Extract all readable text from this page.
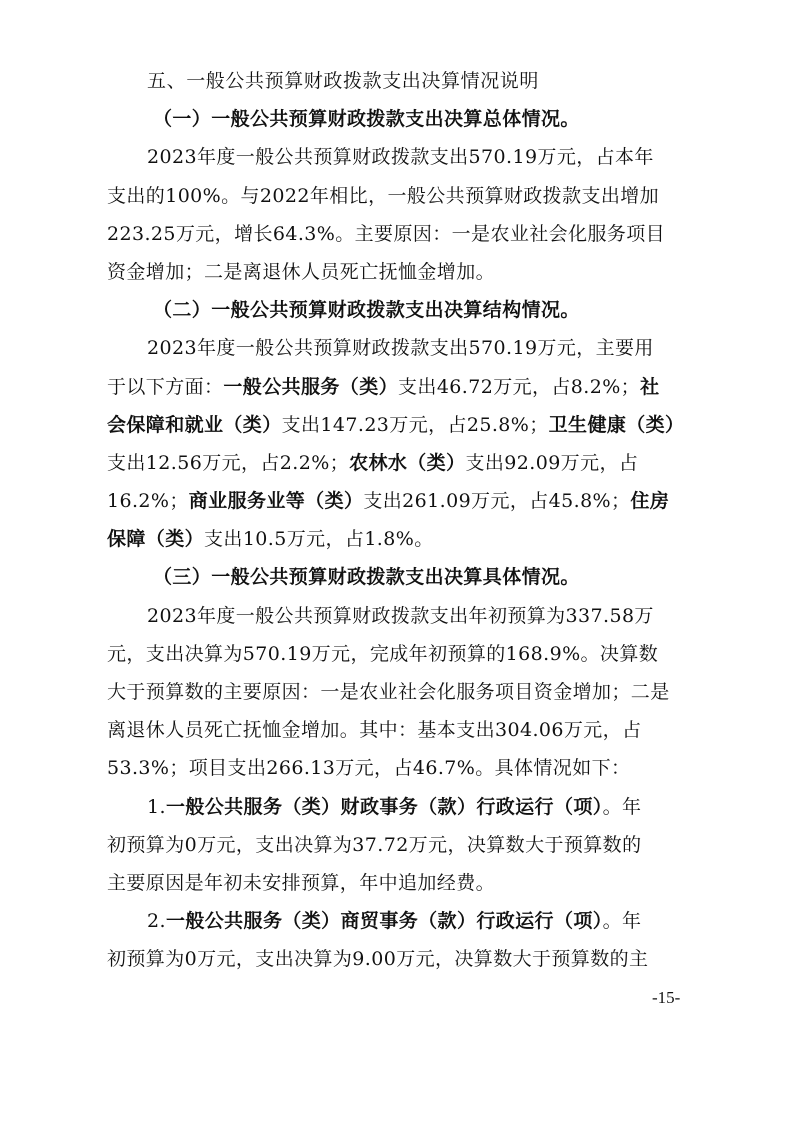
五、一般公共预算财政拨款支出决算情况说明
（一）一般公共预算财政拨款支出决算总体情况。
2023年度一般公共预算财政拨款支出570.19万元，占本年
支出的100%。与2022年相比，一般公共预算财政拨款支出增加
223.25万元，增长64.3%。主要原因：一是农业社会化服务项目
资金增加；二是离退休人员死亡抚恤金增加。
（二）一般公共预算财政拨款支出决算结构情况。
2023年度一般公共预算财政拨款支出570.19万元，主要用
于以下方面：一般公共服务（类）支出46.72万元，占8.2%；社
会保障和就业（类）支出147.23万元，占25.8%；卫生健康（类）
支出12.56万元，占2.2%；农林水（类）支出92.09万元，占
16.2%；商业服务业等（类）支出261.09万元，占45.8%；住房
保障（类）支出10.5万元，占1.8%。
（三）一般公共预算财政拨款支出决算具体情况。
2023年度一般公共预算财政拨款支出年初预算为337.58万
元，支出决算为570.19万元，完成年初预算的168.9%。决算数
大于预算数的主要原因：一是农业社会化服务项目资金增加；二是
离退休人员死亡抚恤金增加。其中：基本支出304.06万元，占
53.3%；项目支出266.13万元，占46.7%。具体情况如下：
1.一般公共服务（类）财政事务（款）行政运行（项）。年
初预算为0万元，支出决算为37.72万元，决算数大于预算数的
主要原因是年初未安排预算，年中追加经费。
2.一般公共服务（类）商贸事务（款）行政运行（项）。年
初预算为0万元，支出决算为9.00万元，决算数大于预算数的主
-15-
